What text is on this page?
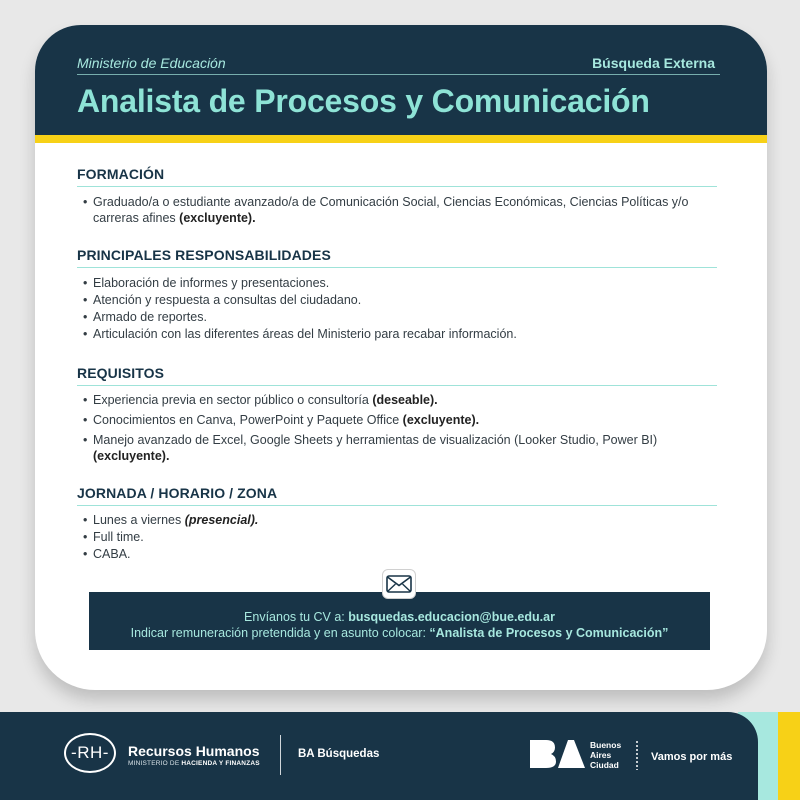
Ministerio de Educación	Búsqueda Externa
Analista de Procesos y Comunicación
FORMACIÓN
• Graduado/a o estudiante avanzado/a de Comunicación Social, Ciencias Económicas, Ciencias Políticas y/o carreras afines (excluyente).
PRINCIPALES RESPONSABILIDADES
• Elaboración de informes y presentaciones.
• Atención y respuesta a consultas del ciudadano.
• Armado de reportes.
• Articulación con las diferentes áreas del Ministerio para recabar información.
REQUISITOS
• Experiencia previa en sector público o consultoría (deseable).
• Conocimientos en Canva, PowerPoint y Paquete Office (excluyente).
• Manejo avanzado de Excel, Google Sheets y herramientas de visualización (Looker Studio, Power BI) (excluyente).
JORNADA / HORARIO / ZONA
• Lunes a viernes (presencial).
• Full time.
• CABA.
Envíanos tu CV a: busquedas.educacion@bue.edu.ar
Indicar remuneración pretendida y en asunto colocar: “Analista de Procesos y Comunicación”
-RH-	Recursos Humanos
MINISTERIO DE HACIENDA Y FINANZAS
BA Búsquedas
Buenos
Aires
Ciudad
Vamos por más
